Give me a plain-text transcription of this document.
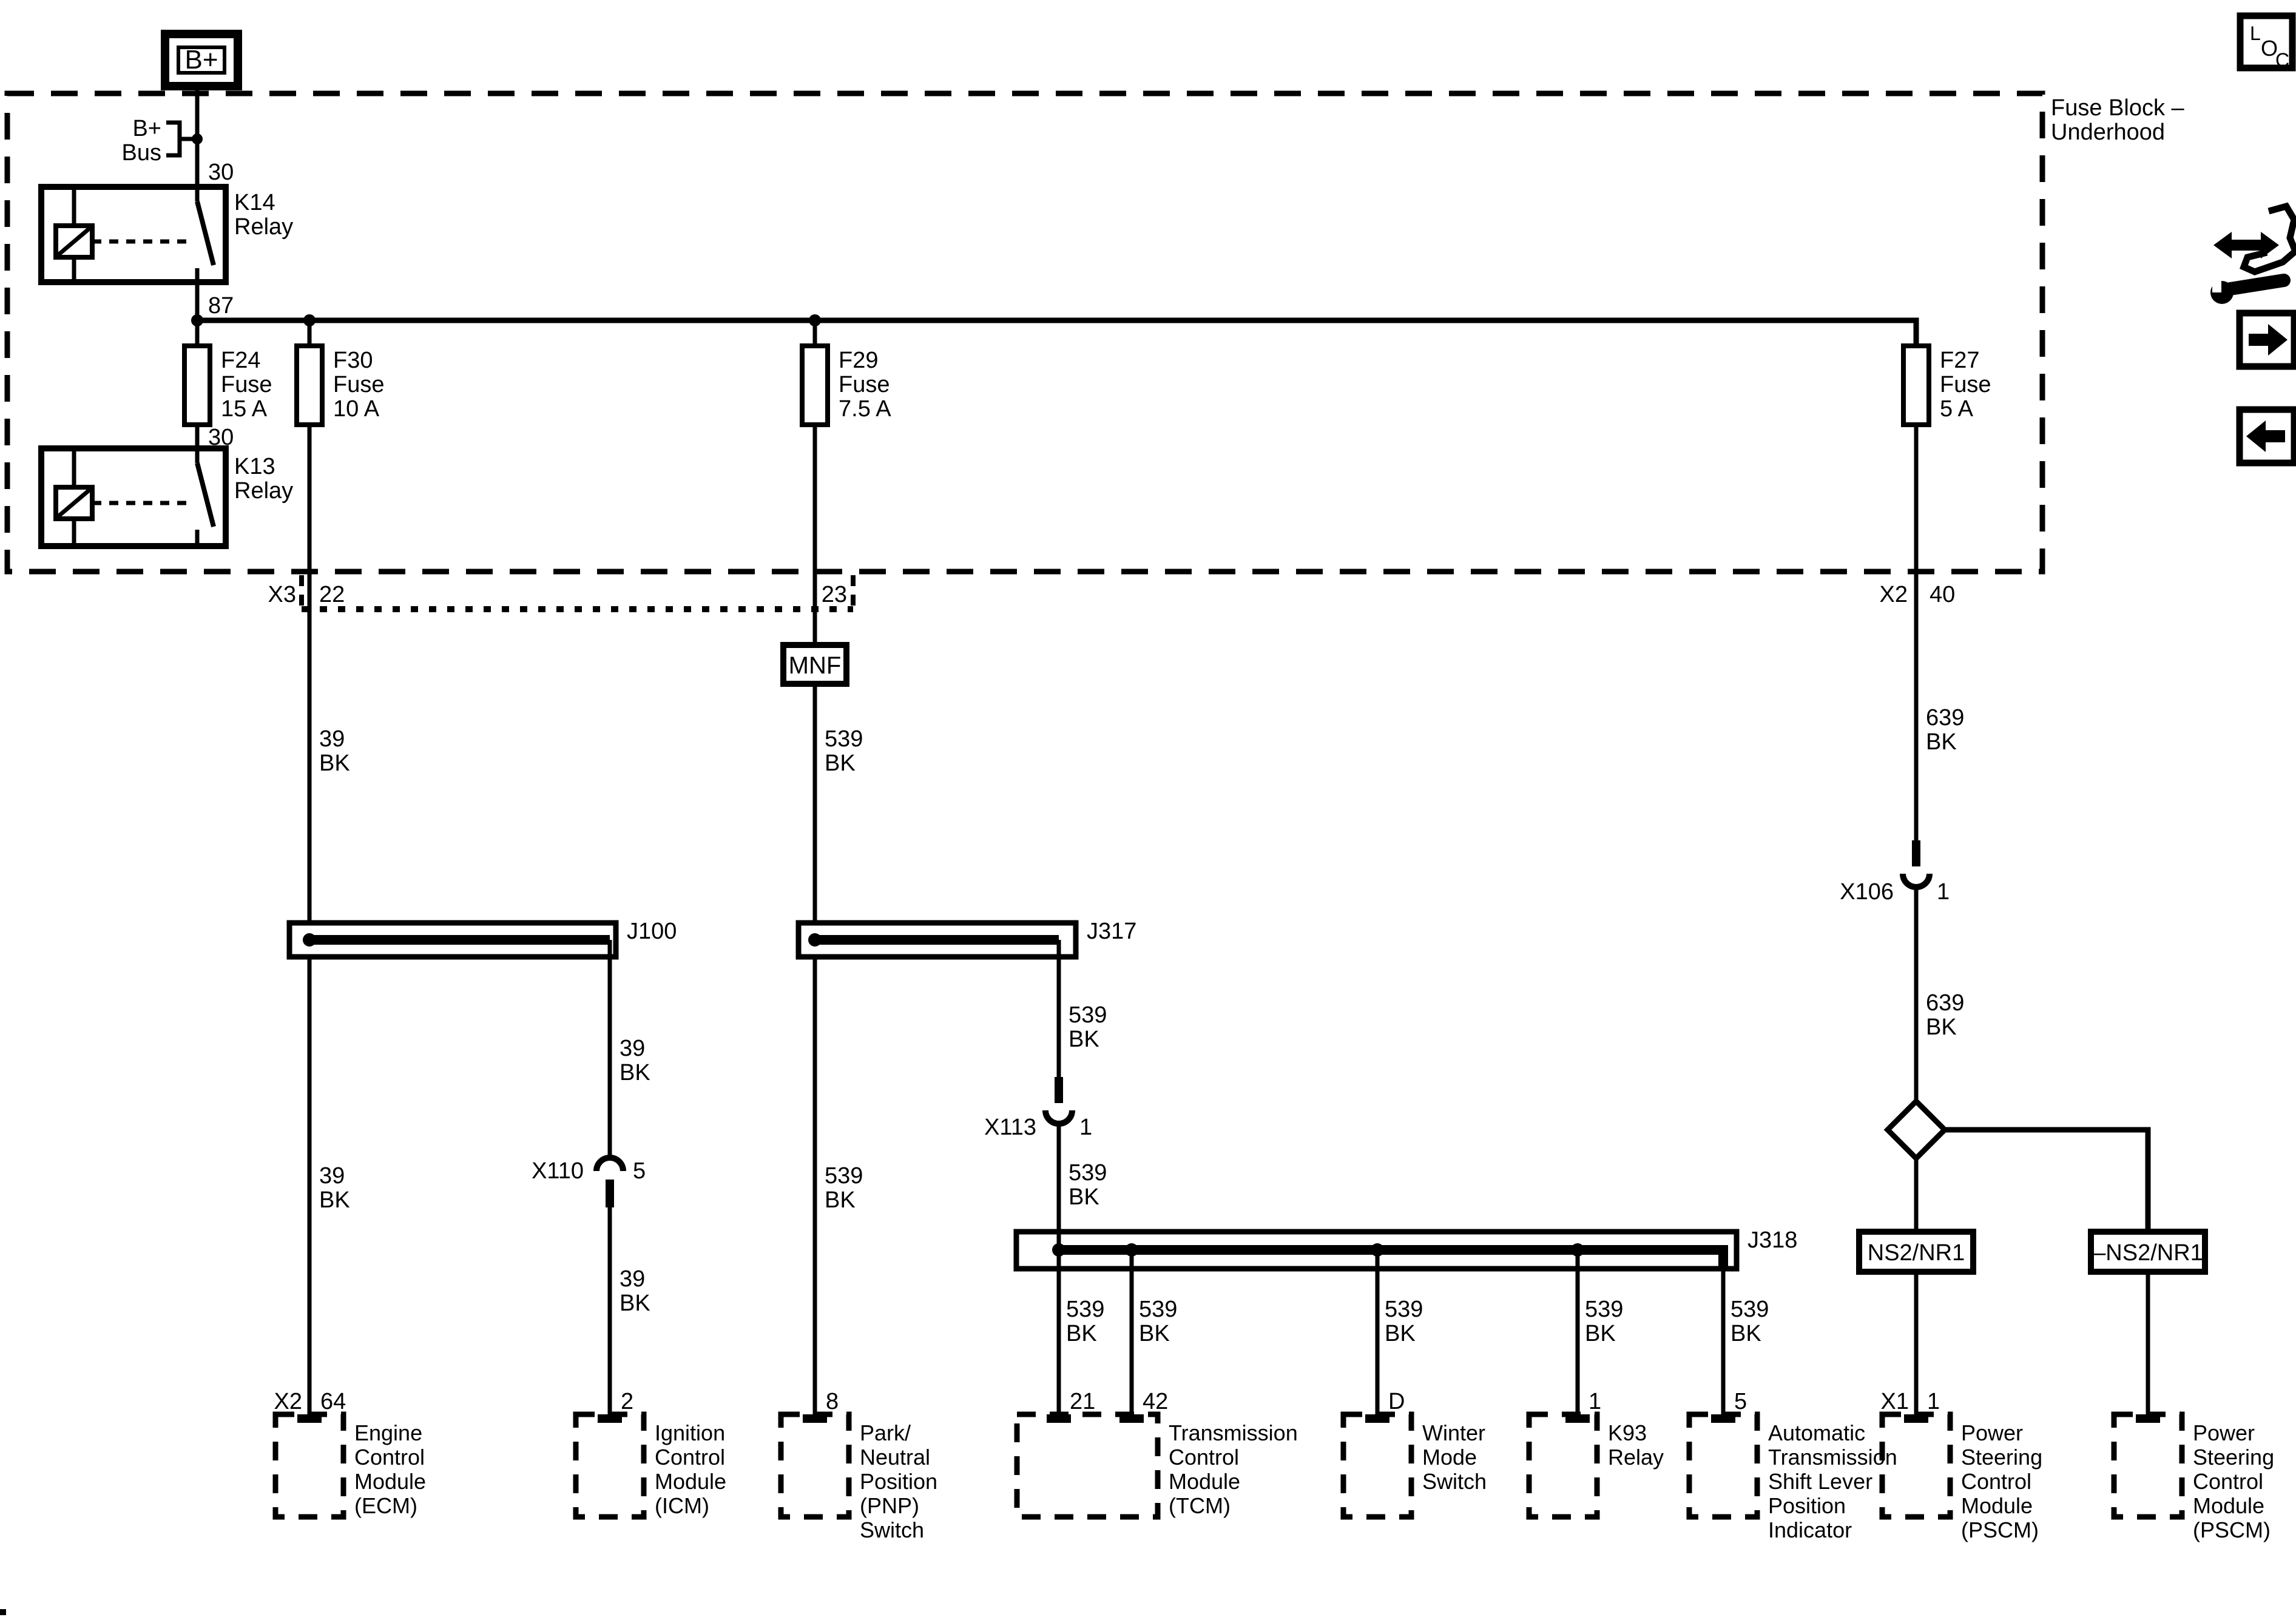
Fuse Block –
Underhood
B+
B+
Bus
30
K14
Relay
87
F24
Fuse
15 A
F30
Fuse
10 A
F29
Fuse
7.5 A
F27
Fuse
5 A
30
K13
Relay
X3 22	23	X2 40
MNF
39
BK
539
BK
639
BK
39
BK
539
BK
39
BK
39
BK
539
BK
539
BK
639
BK
539
BK
539
BK
539
BK
539
BK
539
BK
J100	J317
X110 5
X113 1
X106 1
NS2/NR1	–NS2/NR1
J318
X2 64	2	8	21 42	D	1	5	X1 1
Engine
Control
Module
(ECM)
Ignition
Control
Module
(ICM)
Park/
Neutral
Position
(PNP)
Switch
Transmission
Control
Module
(TCM)
Winter
Mode
Switch
K93
Relay
Automatic
Transmission
Shift Lever
Position
Indicator
Power
Steering
Control
Module
(PSCM)
Power
Steering
Control
Module
(PSCM)
L
O
C
